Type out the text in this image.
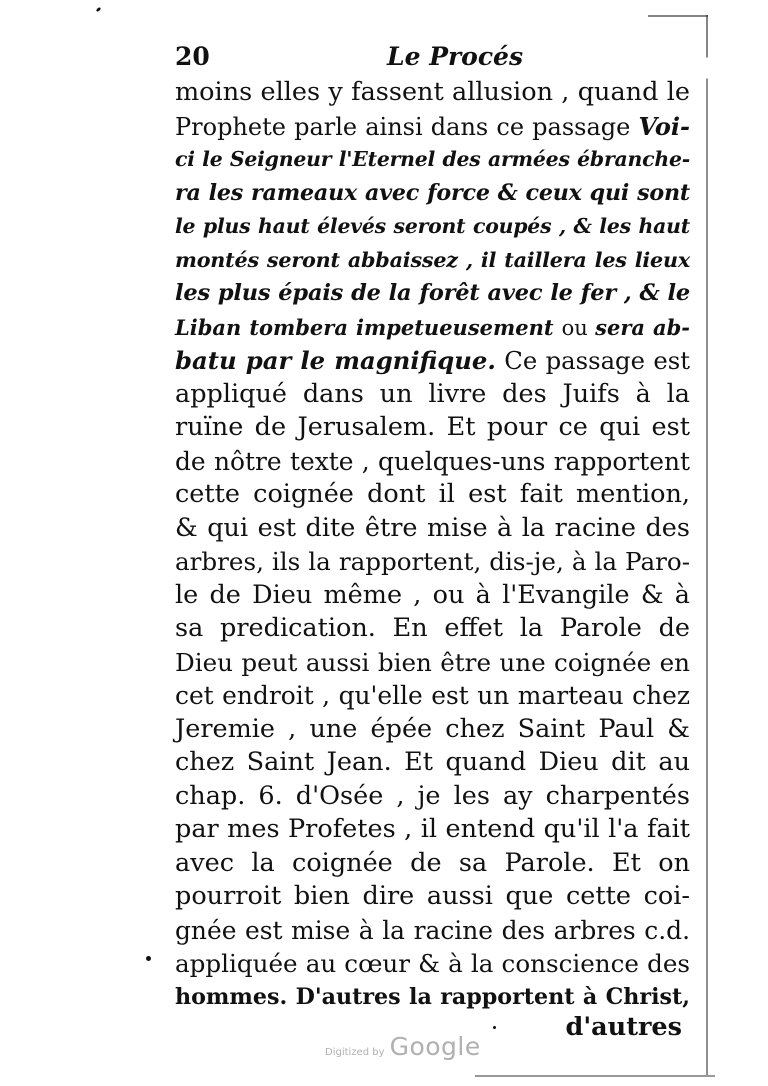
20	Le Procés
moins elles y fassent allusion , quand le
Prophete parle ainsi dans ce passage Voi-
ci le Seigneur l'Eternel des armées ébranche-
ra les rameaux avec force & ceux qui sont
le plus haut élevés seront coupés , & les haut
montés seront abbaissez , il taillera les lieux
les plus épais de la forêt avec le fer , & le
Liban tombera impetueusement ou sera ab-
batu par le magnifique. Ce passage est
appliqué dans un livre des Juifs à la
ruïne de Jerusalem. Et pour ce qui est
de nôtre texte , quelques-uns rapportent
cette coignée dont il est fait mention,
& qui est dite être mise à la racine des
arbres, ils la rapportent, dis-je, à la Paro-
le de Dieu même , ou à l'Evangile & à
sa predication. En effet la Parole de
Dieu peut aussi bien être une coignée en
cet endroit , qu'elle est un marteau chez
Jeremie , une épée chez Saint Paul &
chez Saint Jean. Et quand Dieu dit au
chap. 6. d'Osée , je les ay charpentés
par mes Profetes , il entend qu'il l'a fait
avec la coignée de sa Parole. Et on
pourroit bien dire aussi que cette coi-
gnée est mise à la racine des arbres c.d.
appliquée au cœur & à la conscience des
hommes. D'autres la rapportent à Christ,
d'autres
Digitized by Google
